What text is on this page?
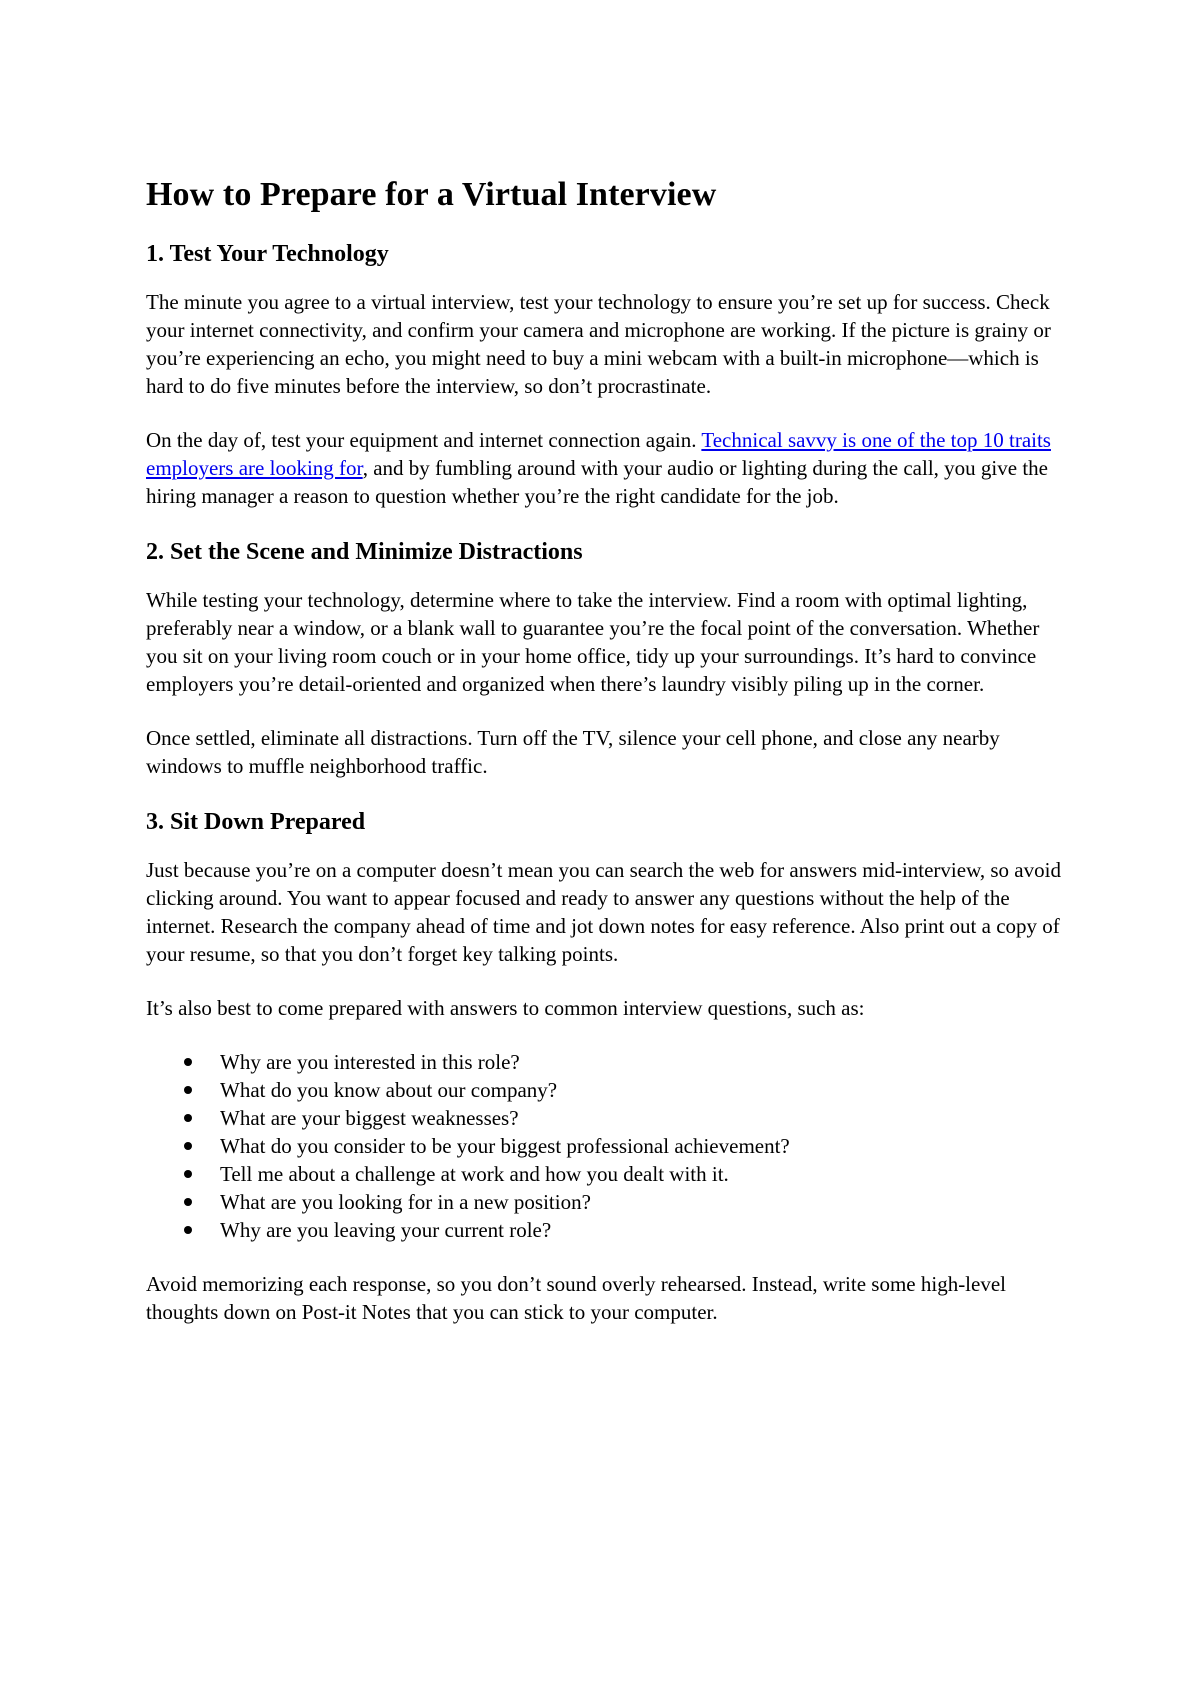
How to Prepare for a Virtual Interview
1. Test Your Technology

The minute you agree to a virtual interview, test your technology to ensure you’re set up for success. Check your internet connectivity, and confirm your camera and microphone are working. If the picture is grainy or you’re experiencing an echo, you might need to buy a mini webcam with a built-in microphone—which is hard to do five minutes before the interview, so don’t procrastinate.

On the day of, test your equipment and internet connection again. Technical savvy is one of the top 10 traits employers are looking for, and by fumbling around with your audio or lighting during the call, you give the hiring manager a reason to question whether you’re the right candidate for the job.

2. Set the Scene and Minimize Distractions

While testing your technology, determine where to take the interview. Find a room with optimal lighting, preferably near a window, or a blank wall to guarantee you’re the focal point of the conversation. Whether you sit on your living room couch or in your home office, tidy up your surroundings. It’s hard to convince employers you’re detail-oriented and organized when there’s laundry visibly piling up in the corner.

Once settled, eliminate all distractions. Turn off the TV, silence your cell phone, and close any nearby windows to muffle neighborhood traffic.

3. Sit Down Prepared

Just because you’re on a computer doesn’t mean you can search the web for answers mid-interview, so avoid clicking around. You want to appear focused and ready to answer any questions without the help of the internet. Research the company ahead of time and jot down notes for easy reference. Also print out a copy of your resume, so that you don’t forget key talking points.

It’s also best to come prepared with answers to common interview questions, such as:

Why are you interested in this role?
What do you know about our company?
What are your biggest weaknesses?
What do you consider to be your biggest professional achievement?
Tell me about a challenge at work and how you dealt with it.
What are you looking for in a new position?
Why are you leaving your current role?

Avoid memorizing each response, so you don’t sound overly rehearsed. Instead, write some high-level thoughts down on Post-it Notes that you can stick to your computer.
